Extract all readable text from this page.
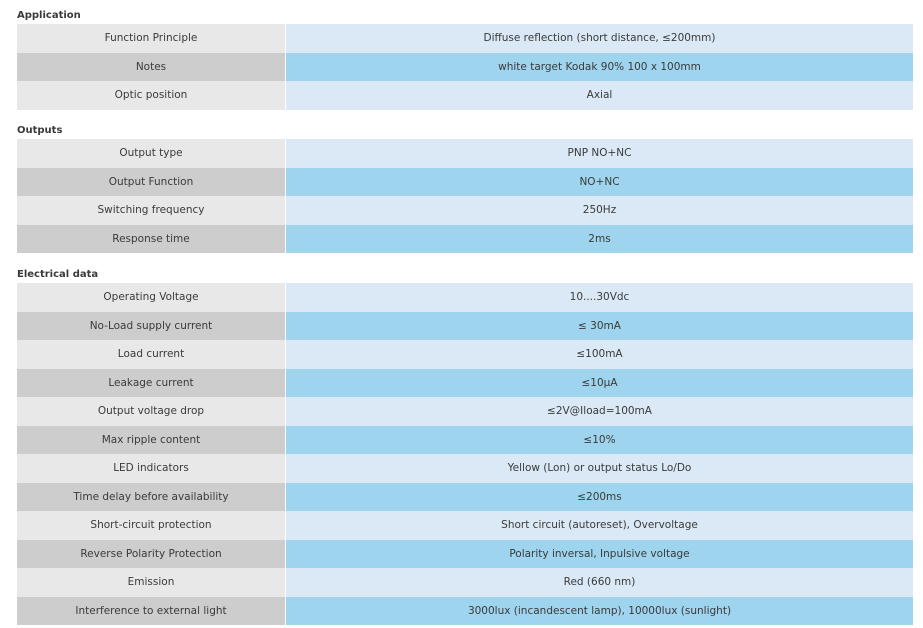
Application
Function Principle	Diffuse reflection (short distance, ≤200mm)
Notes	white target Kodak 90% 100 x 100mm
Optic position	Axial
Outputs
Output type	PNP NO+NC
Output Function	NO+NC
Switching frequency	250Hz
Response time	2ms
Electrical data
Operating Voltage	10....30Vdc
No-Load supply current	≤ 30mA
Load current	≤100mA
Leakage current	≤10μA
Output voltage drop	≤2V@Iload=100mA
Max ripple content	≤10%
LED indicators	Yellow (Lon) or output status Lo/Do
Time delay before availability	≤200ms
Short-circuit protection	Short circuit (autoreset), Overvoltage
Reverse Polarity Protection	Polarity inversal, Inpulsive voltage
Emission	Red (660 nm)
Interference to external light	3000lux (incandescent lamp), 10000lux (sunlight)
